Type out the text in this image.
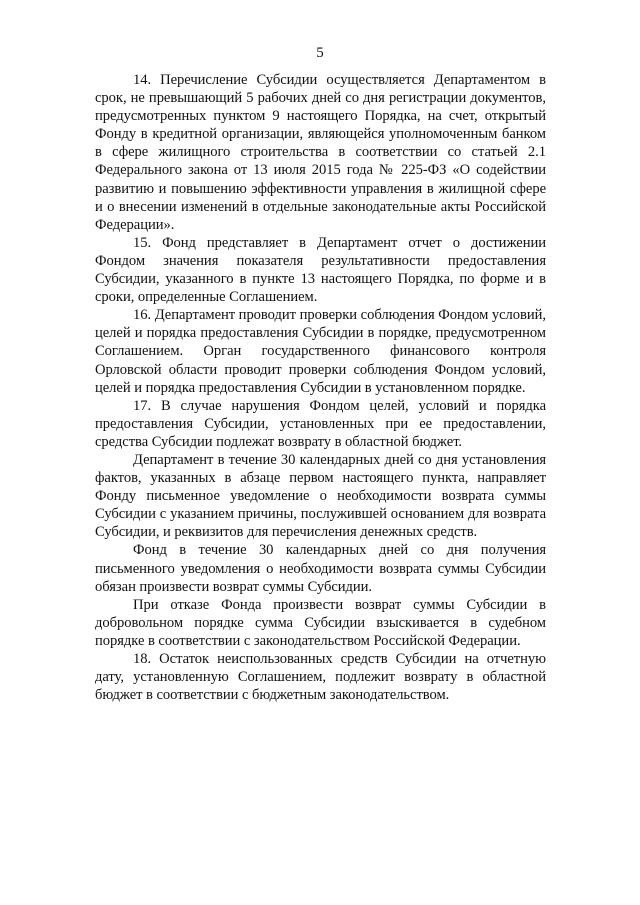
5

14. Перечисление Субсидии осуществляется Департаментом в срок, не превышающий 5 рабочих дней со дня регистрации документов, предусмотренных пунктом 9 настоящего Порядка, на счет, открытый Фонду в кредитной организации, являющейся уполномоченным банком в сфере жилищного строительства в соответствии со статьей 2.1 Федерального закона от 13 июля 2015 года № 225-ФЗ «О содействии развитию и повышению эффективности управления в жилищной сфере и о внесении изменений в отдельные законодательные акты Российской Федерации».

15. Фонд представляет в Департамент отчет о достижении Фондом значения показателя результативности предоставления Субсидии, указанного в пункте 13 настоящего Порядка, по форме и в сроки, определенные Соглашением.

16. Департамент проводит проверки соблюдения Фондом условий, целей и порядка предоставления Субсидии в порядке, предусмотренном Соглашением. Орган государственного финансового контроля Орловской области проводит проверки соблюдения Фондом условий, целей и порядка предоставления Субсидии в установленном порядке.

17. В случае нарушения Фондом целей, условий и порядка предоставления Субсидии, установленных при ее предоставлении, средства Субсидии подлежат возврату в областной бюджет.

Департамент в течение 30 календарных дней со дня установления фактов, указанных в абзаце первом настоящего пункта, направляет Фонду письменное уведомление о необходимости возврата суммы Субсидии с указанием причины, послужившей основанием для возврата Субсидии, и реквизитов для перечисления денежных средств.

Фонд в течение 30 календарных дней со дня получения письменного уведомления о необходимости возврата суммы Субсидии обязан произвести возврат суммы Субсидии.

При отказе Фонда произвести возврат суммы Субсидии в добровольном порядке сумма Субсидии взыскивается в судебном порядке в соответствии с законодательством Российской Федерации.

18. Остаток неиспользованных средств Субсидии на отчетную дату, установленную Соглашением, подлежит возврату в областной бюджет в соответствии с бюджетным законодательством.
